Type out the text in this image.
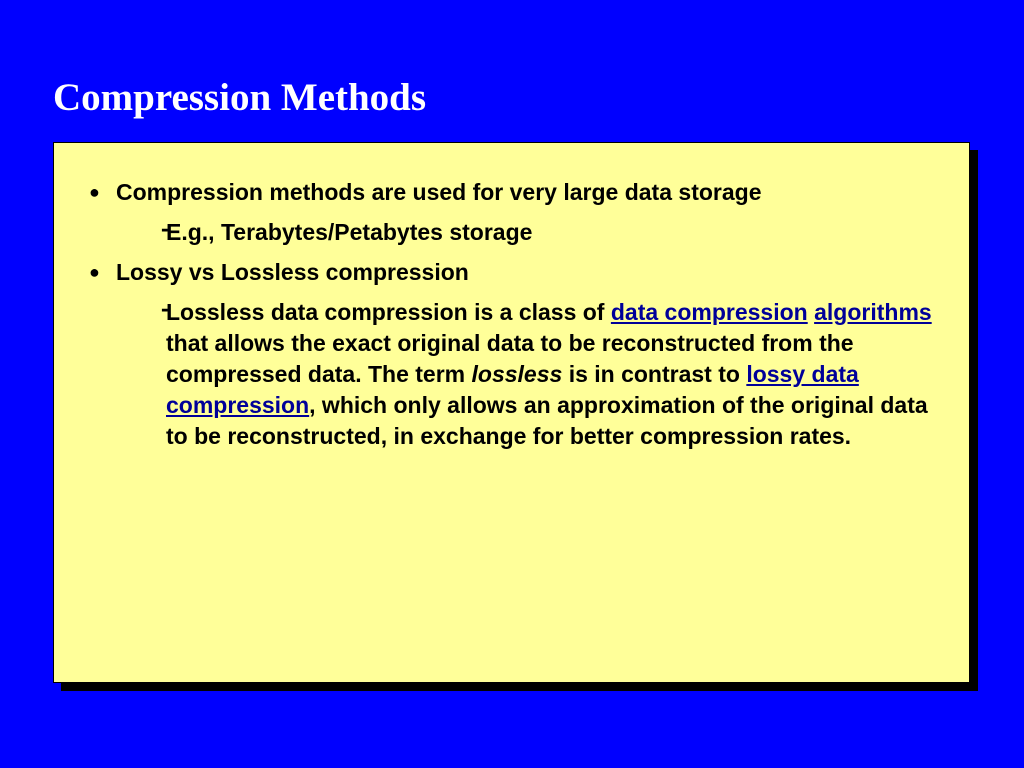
Compression Methods
● Compression methods are used for very large data storage
-
E.g., Terabytes/Petabytes storage
● Lossy vs Lossless compression
-
Lossless data compression is a class of data compression algorithms that allows the exact original data to be reconstructed from the compressed data. The term lossless is in contrast to lossy data compression, which only allows an approximation of the original data to be reconstructed, in exchange for better compression rates.
